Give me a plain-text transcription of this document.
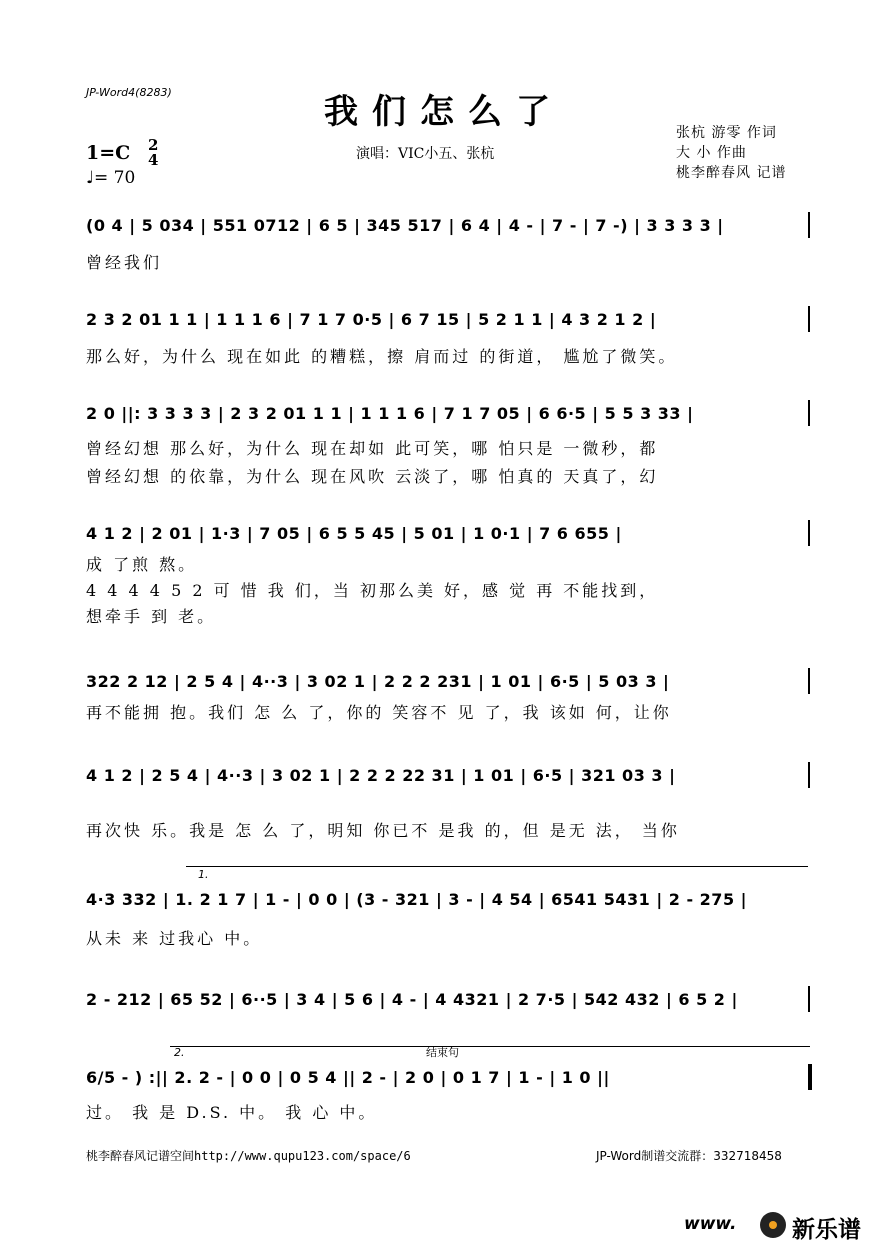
JP-Word4(8283)	我们怎么了
演唱：VIC小五、张杭
张杭 游零 作词
大 小 作曲
桃李醉春风 记谱
1=C 2
4
♩= 70
(0 4 | 5 034 | 551 0712 | 6 5 | 345 517 | 6 4 | 4 - | 7 - | 7 -) | 3 3 3 3 |
曾经我们
2 3 2 01 1 1 | 1 1 1 6 | 7 1 7 0·5 | 6 7 15 | 5 2 1 1 | 4 3 2 1 2 |
那么好，为什么 现在如此 的糟糕，擦 肩而过 的街道， 尴尬了微笑。
2 0 ||: 3 3 3 3 | 2 3 2 01 1 1 | 1 1 1 6 | 7 1 7 05 | 6 6·5 | 5 5 3 33 |
曾经幻想 那么好，为什么 现在却如 此可笑，哪 怕只是 一微秒，都
曾经幻想 的依靠，为什么 现在风吹 云淡了，哪 怕真的 天真了，幻
4 1 2 | 2 01 | 1·3 | 7 05 | 6 5 5 45 | 5 01 | 1 0·1 | 7 6 655 |
成 了煎 熬。
4 4 4 4 5 2 可 惜 我 们，当 初那么美 好，感 觉 再 不能找到，
想牵手 到 老。
322 2 12 | 2 5 4 | 4··3 | 3 02 1 | 2 2 2 231 | 1 01 | 6·5 | 5 03 3 |
再不能拥 抱。我们 怎 么 了，你的 笑容不 见 了，我 该如 何，让你
4 1 2 | 2 5 4 | 4··3 | 3 02 1 | 2 2 2 22 31 | 1 01 | 6·5 | 321 03 3 |
再次快 乐。我是 怎 么 了，明知 你已不 是我 的，但 是无 法， 当你
1.
4·3 332 | 1. 2 1 7 | 1 - | 0 0 | (3 - 321 | 3 - | 4 54 | 6541 5431 | 2 - 275 |
从未 来 过我心 中。
2 - 212 | 65 52 | 6··5 | 3 4 | 5 6 | 4 - | 4 4321 | 2 7·5 | 542 432 | 6 5 2 |
2.	结束句
6/5 - ) :|| 2. 2 - | 0 0 | 0 5 4 || 2 - | 2 0 | 0 1 7 | 1 - | 1 0 ||
过。 我 是 D.S. 中。 我 心 中。
桃李醉春风记谱空间http://www.qupu123.com/space/6	JP-Word制谱交流群：332718458
www. 新乐谱
